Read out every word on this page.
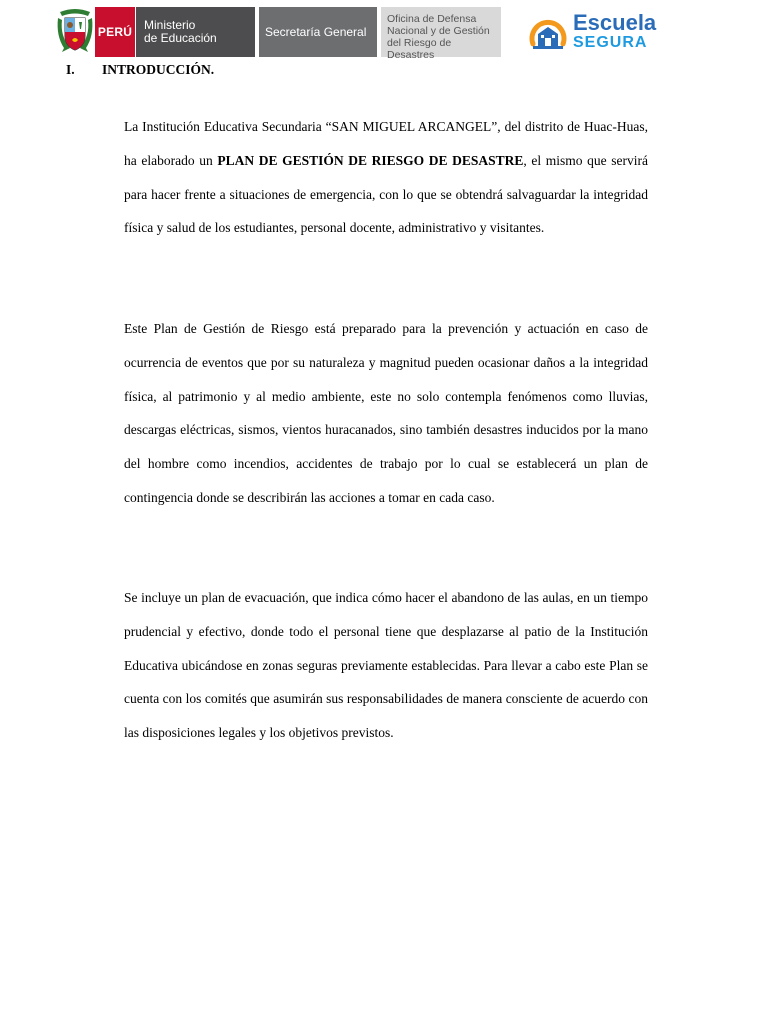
PERÚ Ministerio
de Educación	Secretaría General
Oficina de Defensa
Nacional y de Gestión
del Riesgo de Desastres
Escuela
SEGURA
I. INTRODUCCIÓN.
La Institución Educativa Secundaria “SAN MIGUEL ARCANGEL”, del distrito de Huac-Huas, ha elaborado un PLAN DE GESTIÓN DE RIESGO DE DESASTRE, el mismo que servirá para hacer frente a situaciones de emergencia, con lo que se obtendrá salvaguardar la integridad física y salud de los estudiantes, personal docente, administrativo y visitantes.
Este Plan de Gestión de Riesgo está preparado para la prevención y actuación en caso de ocurrencia de eventos que por su naturaleza y magnitud pueden ocasionar daños a la integridad física, al patrimonio y al medio ambiente, este no solo contempla fenómenos como lluvias, descargas eléctricas, sismos, vientos huracanados, sino también desastres inducidos por la mano del hombre como incendios, accidentes de trabajo por lo cual se establecerá un plan de contingencia donde se describirán las acciones a tomar en cada caso.
Se incluye un plan de evacuación, que indica cómo hacer el abandono de las aulas, en un tiempo prudencial y efectivo, donde todo el personal tiene que desplazarse al patio de la Institución Educativa ubicándose en zonas seguras previamente establecidas. Para llevar a cabo este Plan se cuenta con los comités que asumirán sus responsabilidades de manera consciente de acuerdo con las disposiciones legales y los objetivos previstos.
